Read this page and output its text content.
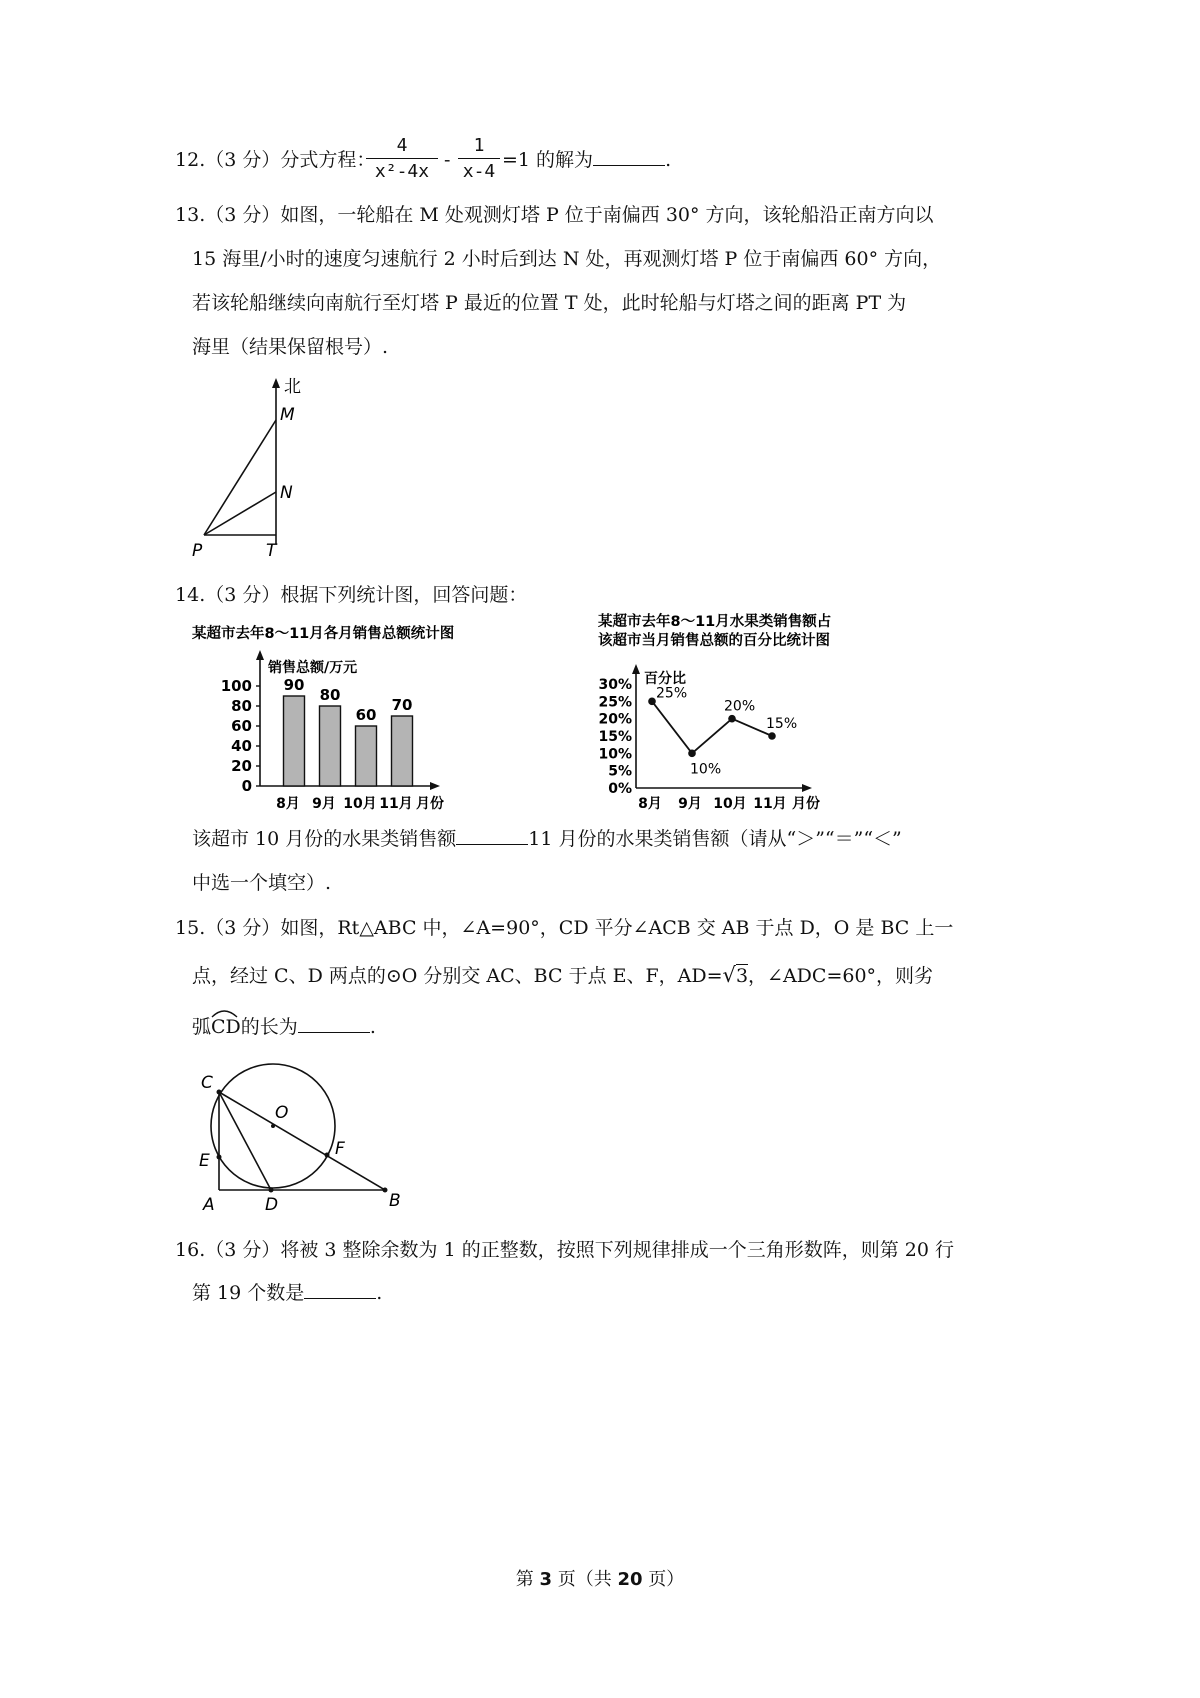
12.（3 分）分式方程：
4
x²-4x
-
1
x-4
=1 的解为	.
13.（3 分）如图，一轮船在 M 处观测灯塔 P 位于南偏西 30° 方向，该轮船沿正南方向以
15 海里/小时的速度匀速航行 2 小时后到达 N 处，再观测灯塔 P 位于南偏西 60° 方向，
若该轮船继续向南航行至灯塔 P 最近的位置 T 处，此时轮船与灯塔之间的距离 PT 为
海里（结果保留根号）.
北
M
N
P	T
14.（3 分）根据下列统计图，回答问题：
某超市去年8～11月各月销售总额统计图
销售总额/万元
月份
0
20
40
60
80
100 90
8月
80
9月
60
10月
70
11月
某超市去年8～11月水果类销售额占
该超市当月销售总额的百分比统计图
百分比
月份
0%
5%
10%
15%
20%
25%
30%
25%
8月
10%
9月
20%
10月
15%
11月
该超市 10 月份的水果类销售额	11 月份的水果类销售额（请从“＞”“＝”“＜”
中选一个填空）.
15.（3 分）如图，Rt△ABC 中，∠A=90°，CD 平分∠ACB 交 AB 于点 D，O 是 BC 上一
点，经过 C、D 两点的⊙O 分别交 AC、BC 于点 E、F，AD=√3，∠ADC=60°，则劣
弧
CD的长为	.
C
O
E
F
A	D	B
16.（3 分）将被 3 整除余数为 1 的正整数，按照下列规律排成一个三角形数阵，则第 20 行
第 19 个数是	.
第 3 页（共 20 页）
